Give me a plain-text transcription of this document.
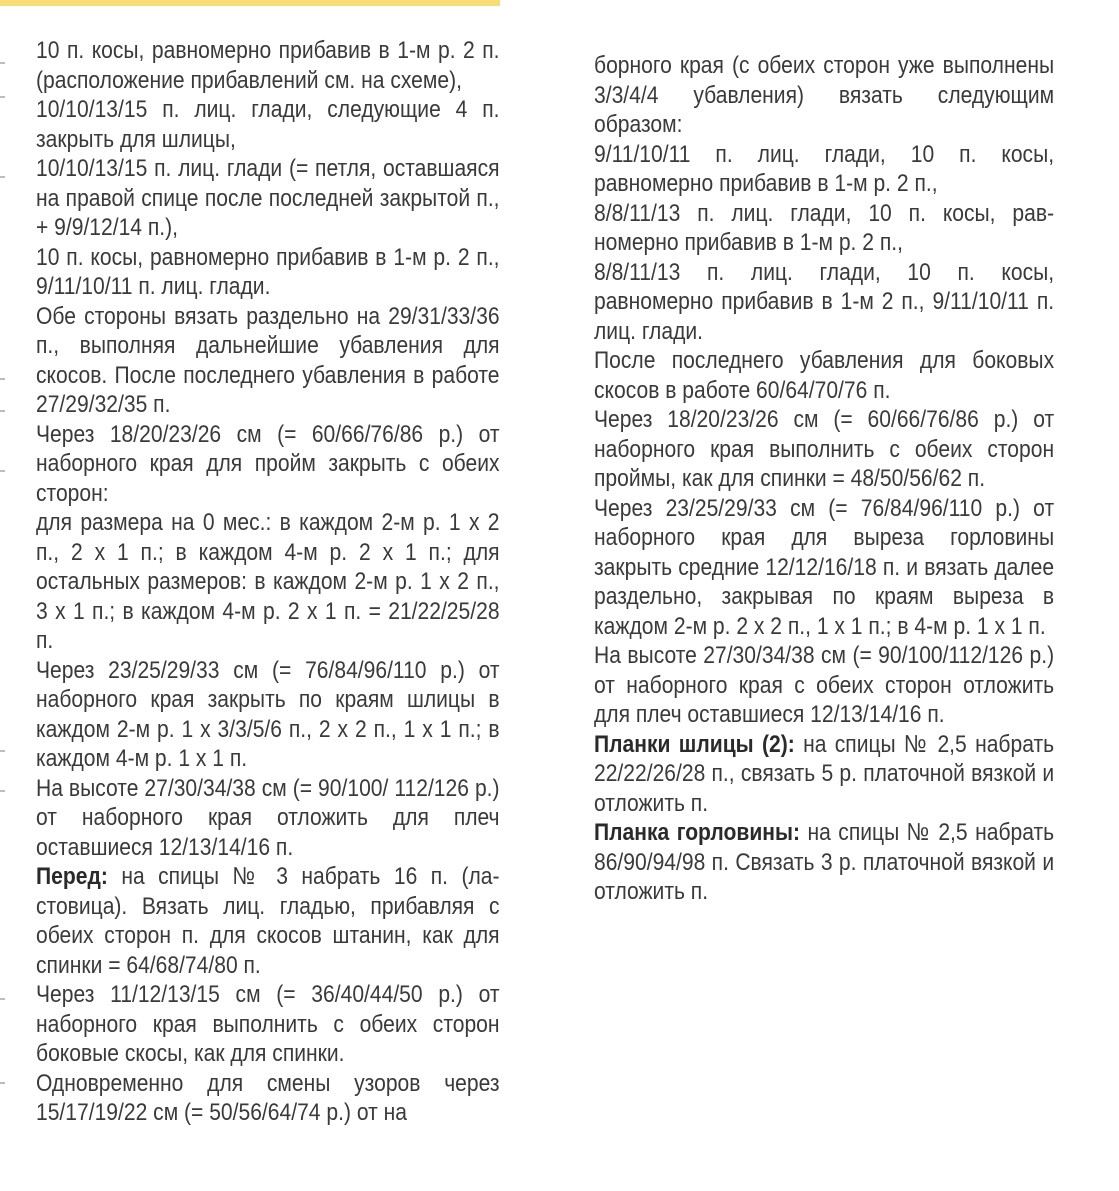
10 п. косы, равномерно прибавив в 1-м р. 2 п. (расположение прибавлений см. на схеме),

10/10/13/15 п. лиц. глади, следующие 4 п. закрыть для шлицы,

10/10/13/15 п. лиц. глади (= петля, оставшаяся на правой спице после последней закрытой п., + 9/9/12/14 п.),

10 п. косы, равномерно прибавив в 1-м р. 2 п., 9/11/10/11 п. лиц. глади.

Обе стороны вязать раздельно на 29/31/33/36 п., выполняя дальнейшие убавления для скосов. После последнего убавления в работе 27/29/32/35 п.

Через 18/20/23/26 см (= 60/66/76/86 р.) от наборного края для пройм закрыть с обеих сторон:

для размера на 0 мес.: в каждом 2-м р. 1 х 2 п., 2 х 1 п.; в каждом 4-м р. 2 х 1 п.; для остальных размеров: в каждом 2-м р. 1 х 2 п., 3 х 1 п.; в каждом 4-м р. 2 х 1 п. = 21/22/25/28 п.

Через 23/25/29/33 см (= 76/84/96/110 р.) от наборного края закрыть по краям шлицы в каждом 2-м р. 1 х 3/3/5/6 п., 2 х 2 п., 1 х 1 п.; в каждом 4-м р. 1 х 1 п.

На высоте 27/30/34/38 см (= 90/100/ 112/126 р.) от наборного края отложить для плеч оставшиеся 12/13/14/16 п.

Перед: на спицы № 3 набрать 16 п. (ластовица). Вязать лиц. гладью, прибавляя с обеих сторон п. для скосов штанин, как для спинки = 64/68/74/80 п.

Через 11/12/13/15 см (= 36/40/44/50 р.) от наборного края выполнить с обеих сторон боковые скосы, как для спинки.

Одновременно для смены узоров через 15/17/19/22 см (= 50/56/64/74 р.) от на

борного края (с обеих сторон уже выполнены 3/3/4/4 убавления) вязать следующим образом:

9/11/10/11 п. лиц. глади, 10 п. косы, равномерно прибавив в 1-м р. 2 п.,

8/8/11/13 п. лиц. глади, 10 п. косы, равномерно прибавив в 1-м р. 2 п.,

8/8/11/13 п. лиц. глади, 10 п. косы, равномерно прибавив в 1-м 2 п., 9/11/10/11 п. лиц. глади.

После последнего убавления для боковых скосов в работе 60/64/70/76 п.

Через 18/20/23/26 см (= 60/66/76/86 р.) от наборного края выполнить с обеих сторон проймы, как для спинки = 48/50/56/62 п.

Через 23/25/29/33 см (= 76/84/96/110 р.) от наборного края для выреза горловины закрыть средние 12/12/16/18 п. и вязать далее раздельно, закрывая по краям выреза в каждом 2-м р. 2 х 2 п., 1 х 1 п.; в 4-м р. 1 х 1 п.

На высоте 27/30/34/38 см (= 90/100/112/126 р.) от наборного края с обеих сторон отложить для плеч оставшиеся 12/13/14/16 п.

Планки шлицы (2): на спицы № 2,5 набрать 22/22/26/28 п., связать 5 р. платочной вязкой и отложить п.

Планка горловины: на спицы № 2,5 набрать 86/90/94/98 п. Связать 3 р. платочной вязкой и отложить п.
